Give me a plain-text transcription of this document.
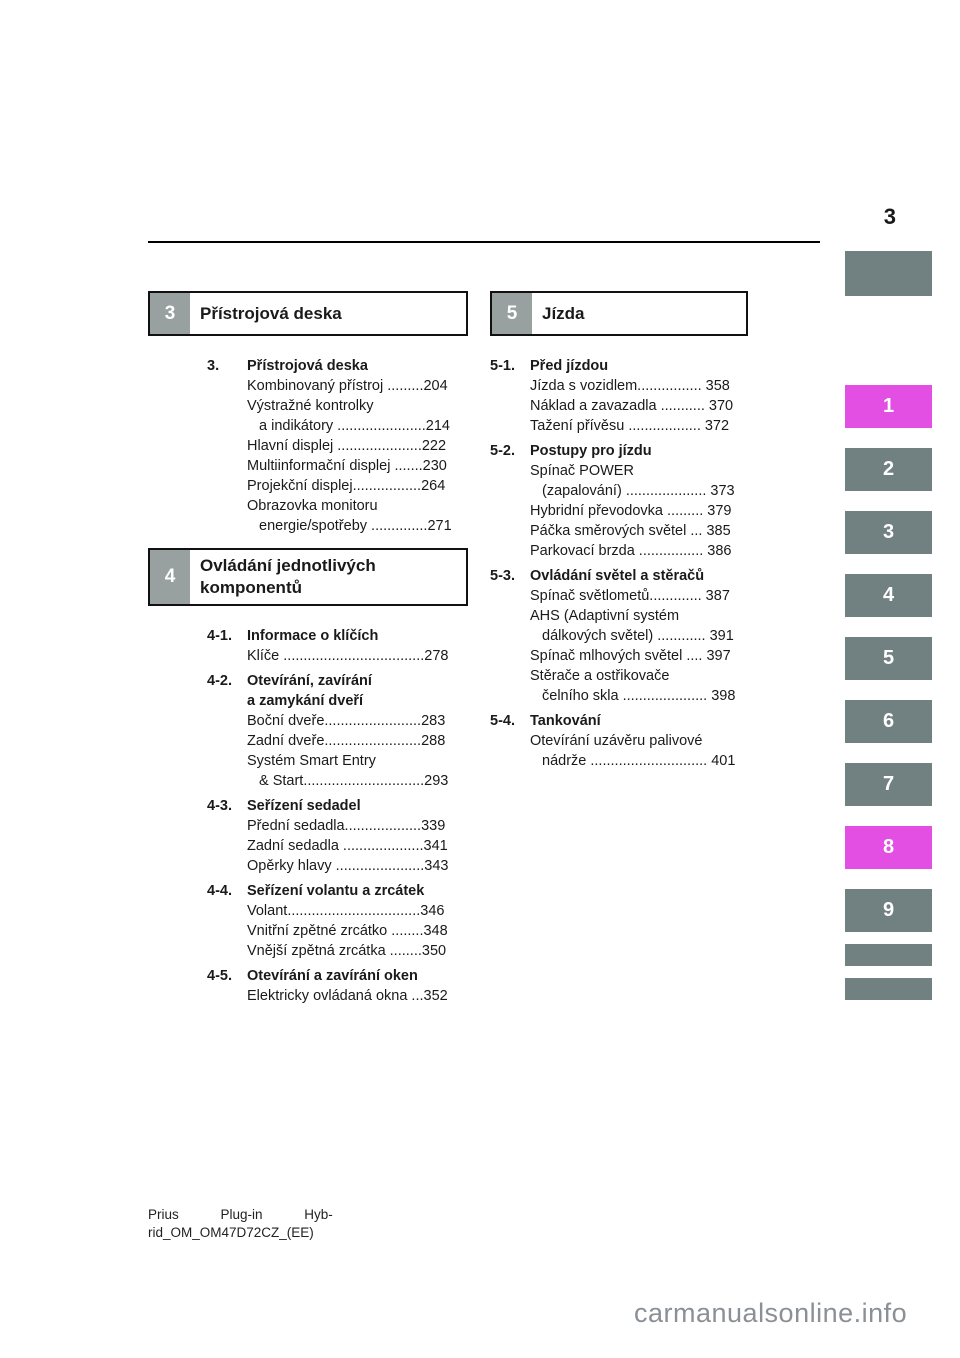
3
3	Přístrojová deska
3.	Přístrojová deska
Kombinovaný přístroj .........204
Výstražné kontrolky
a indikátory ......................214
Hlavní displej .....................222
Multiinformační displej .......230
Projekční displej.................264
Obrazovka monitoru
energie/spotřeby ..............271
4
Ovládání jednotlivých
komponentů
4-1.	Informace o klíčích
Klíče ...................................278
4-2.	Otevírání, zavírání
a zamykání dveří
Boční dveře........................283
Zadní dveře........................288
Systém Smart Entry
& Start..............................293
4-3.	Seřízení sedadel
Přední sedadla...................339
Zadní sedadla ....................341
Opěrky hlavy ......................343
4-4.	Seřízení volantu a zrcátek
Volant.................................346
Vnitřní zpětné zrcátko ........348
Vnější zpětná zrcátka ........350
4-5.	Otevírání a zavírání oken
Elektricky ovládaná okna ...352
5	Jízda
5-1.	Před jízdou
Jízda s vozidlem................ 358
Náklad a zavazadla ........... 370
Tažení přívěsu .................. 372
5-2.	Postupy pro jízdu
Spínač POWER
(zapalování) .................... 373
Hybridní převodovka ......... 379
Páčka směrových světel ... 385
Parkovací brzda ................ 386
5-3.	Ovládání světel a stěračů
Spínač světlometů............. 387
AHS (Adaptivní systém
dálkových světel) ............ 391
Spínač mlhových světel .... 397
Stěrače a ostřikovače
čelního skla ..................... 398
5-4.	Tankování
Otevírání uzávěru palivové
nádrže ............................. 401
1
2
3
4
5
6
7
8
9
Prius Plug-in Hyb-
rid_OM_OM47D72CZ_(EE)
carmanualsonline.info
